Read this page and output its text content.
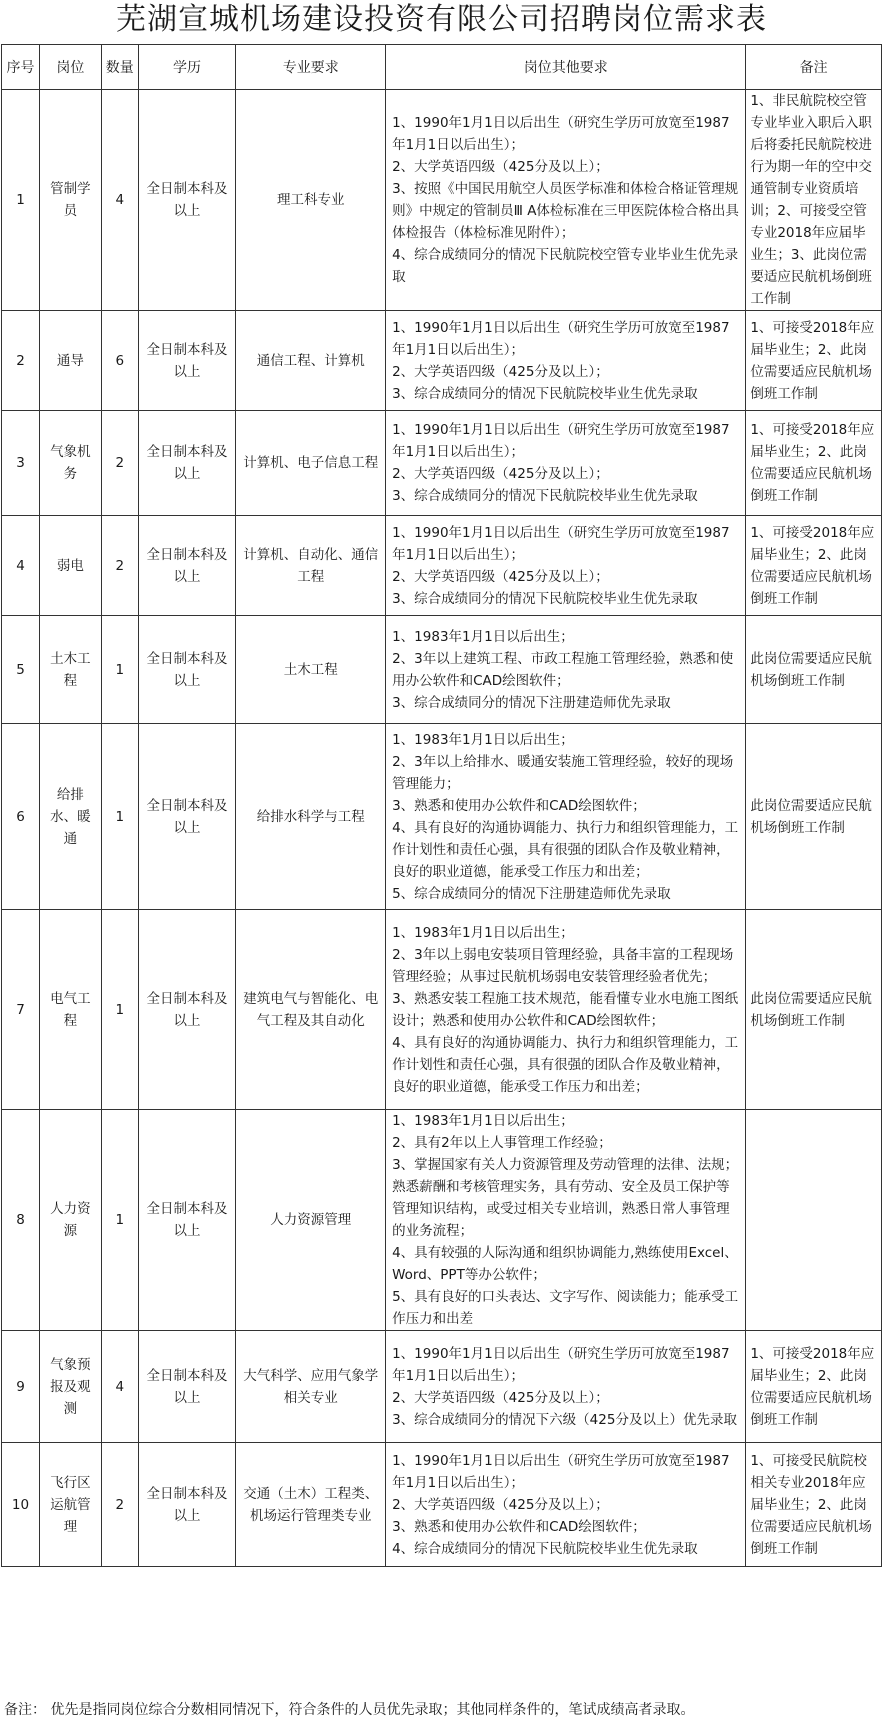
芜湖宣城机场建设投资有限公司招聘岗位需求表
序号	岗位	数量	学历	专业要求	岗位其他要求	备注
1	管制学员	4	全日制本科及以上	理工科专业	1、1990年1月1日以后出生（研究生学历可放宽至1987年1月1日以后出生）；
2、大学英语四级（425分及以上）；
3、按照《中国民用航空人员医学标准和体检合格证管理规则》中规定的管制员Ⅲ A体检标准在三甲医院体检合格出具体检报告（体检标准见附件）；
4、综合成绩同分的情况下民航院校空管专业毕业生优先录取	1、非民航院校空管专业毕业入职后入职后将委托民航院校进行为期一年的空中交通管制专业资质培训；2、可接受空管专业2018年应届毕业生；3、此岗位需要适应民航机场倒班工作制
2	通导	6	全日制本科及以上	通信工程、计算机	1、1990年1月1日以后出生（研究生学历可放宽至1987年1月1日以后出生）；
2、大学英语四级（425分及以上）；
3、综合成绩同分的情况下民航院校毕业生优先录取	1、可接受2018年应届毕业生；2、此岗位需要适应民航机场倒班工作制
3	气象机务	2	全日制本科及以上	计算机、电子信息工程	1、1990年1月1日以后出生（研究生学历可放宽至1987年1月1日以后出生）；
2、大学英语四级（425分及以上）；
3、综合成绩同分的情况下民航院校毕业生优先录取	1、可接受2018年应届毕业生；2、此岗位需要适应民航机场倒班工作制
4	弱电	2	全日制本科及以上	计算机、自动化、通信工程	1、1990年1月1日以后出生（研究生学历可放宽至1987年1月1日以后出生）；
2、大学英语四级（425分及以上）；
3、综合成绩同分的情况下民航院校毕业生优先录取	1、可接受2018年应届毕业生；2、此岗位需要适应民航机场倒班工作制
5	土木工程	1	全日制本科及以上	土木工程	1、1983年1月1日以后出生；
2、3年以上建筑工程、市政工程施工管理经验，熟悉和使用办公软件和CAD绘图软件；
3、综合成绩同分的情况下注册建造师优先录取	此岗位需要适应民航机场倒班工作制
6	给排水、暖通	1	全日制本科及以上	给排水科学与工程	1、1983年1月1日以后出生；
2、3年以上给排水、暖通安装施工管理经验，较好的现场管理能力；
3、熟悉和使用办公软件和CAD绘图软件；
4、具有良好的沟通协调能力、执行力和组织管理能力，工作计划性和责任心强，具有很强的团队合作及敬业精神，良好的职业道德，能承受工作压力和出差；
5、综合成绩同分的情况下注册建造师优先录取	此岗位需要适应民航机场倒班工作制
7	电气工程	1	全日制本科及以上	建筑电气与智能化、电气工程及其自动化	1、1983年1月1日以后出生；
2、3年以上弱电安装项目管理经验，具备丰富的工程现场管理经验；从事过民航机场弱电安装管理经验者优先；
3、熟悉安装工程施工技术规范，能看懂专业水电施工图纸设计；熟悉和使用办公软件和CAD绘图软件；
4、具有良好的沟通协调能力、执行力和组织管理能力，工作计划性和责任心强，具有很强的团队合作及敬业精神，良好的职业道德，能承受工作压力和出差；	此岗位需要适应民航机场倒班工作制
8	人力资源	1	全日制本科及以上	人力资源管理	1、1983年1月1日以后出生；
2、具有2年以上人事管理工作经验；
3、掌握国家有关人力资源管理及劳动管理的法律、法规；熟悉薪酬和考核管理实务，具有劳动、安全及员工保护等管理知识结构，或受过相关专业培训，熟悉日常人事管理的业务流程；
4、具有较强的人际沟通和组织协调能力,熟练使用Excel、Word、PPT等办公软件；
5、具有良好的口头表达、文字写作、阅读能力；能承受工作压力和出差	

9	气象预报及观测	4	全日制本科及以上	大气科学、应用气象学相关专业	1、1990年1月1日以后出生（研究生学历可放宽至1987年1月1日以后出生）；
2、大学英语四级（425分及以上）；
3、综合成绩同分的情况下六级（425分及以上）优先录取	1、可接受2018年应届毕业生；2、此岗位需要适应民航机场倒班工作制
10	飞行区运航管理	2	全日制本科及以上	交通（土木）工程类、机场运行管理类专业	1、1990年1月1日以后出生（研究生学历可放宽至1987年1月1日以后出生）；
2、大学英语四级（425分及以上）；
3、熟悉和使用办公软件和CAD绘图软件；
4、综合成绩同分的情况下民航院校毕业生优先录取	1、可接受民航院校相关专业2018年应届毕业生；2、此岗位需要适应民航机场倒班工作制
备注： 优先是指同岗位综合分数相同情况下，符合条件的人员优先录取；其他同样条件的，笔试成绩高者录取。
